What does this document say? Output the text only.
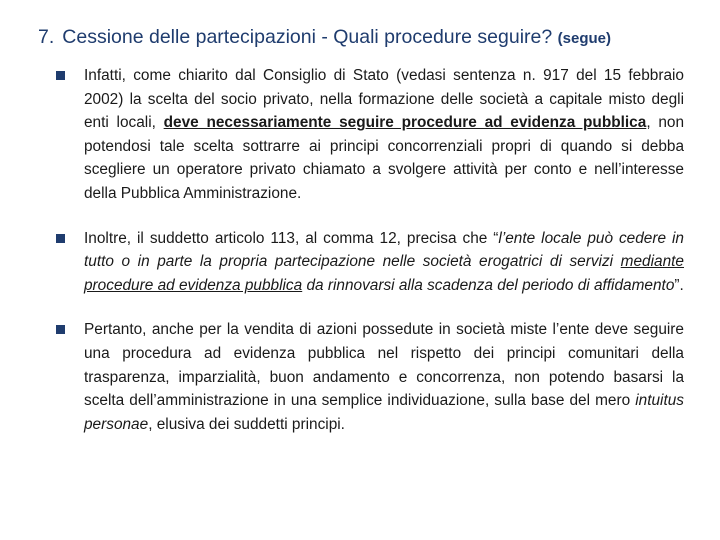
7. Cessione delle partecipazioni - Quali procedure seguire? (segue)
Infatti, come chiarito dal Consiglio di Stato (vedasi sentenza n. 917 del 15 febbraio 2002) la scelta del socio privato, nella formazione delle società a capitale misto degli enti locali, deve necessariamente seguire procedure ad evidenza pubblica, non potendosi tale scelta sottrarre ai principi concorrenziali propri di quando si debba scegliere un operatore privato chiamato a svolgere attività per conto e nell’interesse della Pubblica Amministrazione.
Inoltre, il suddetto articolo 113, al comma 12, precisa che “l’ente locale può cedere in tutto o in parte la propria partecipazione nelle società erogatrici di servizi mediante procedure ad evidenza pubblica da rinnovarsi alla scadenza del periodo di affidamento”.
Pertanto, anche per la vendita di azioni possedute in società miste l’ente deve seguire una procedura ad evidenza pubblica nel rispetto dei principi comunitari della trasparenza, imparzialità, buon andamento e concorrenza, non potendo basarsi la scelta dell’amministrazione in una semplice individuazione, sulla base del mero intuitus personae, elusiva dei suddetti principi.
